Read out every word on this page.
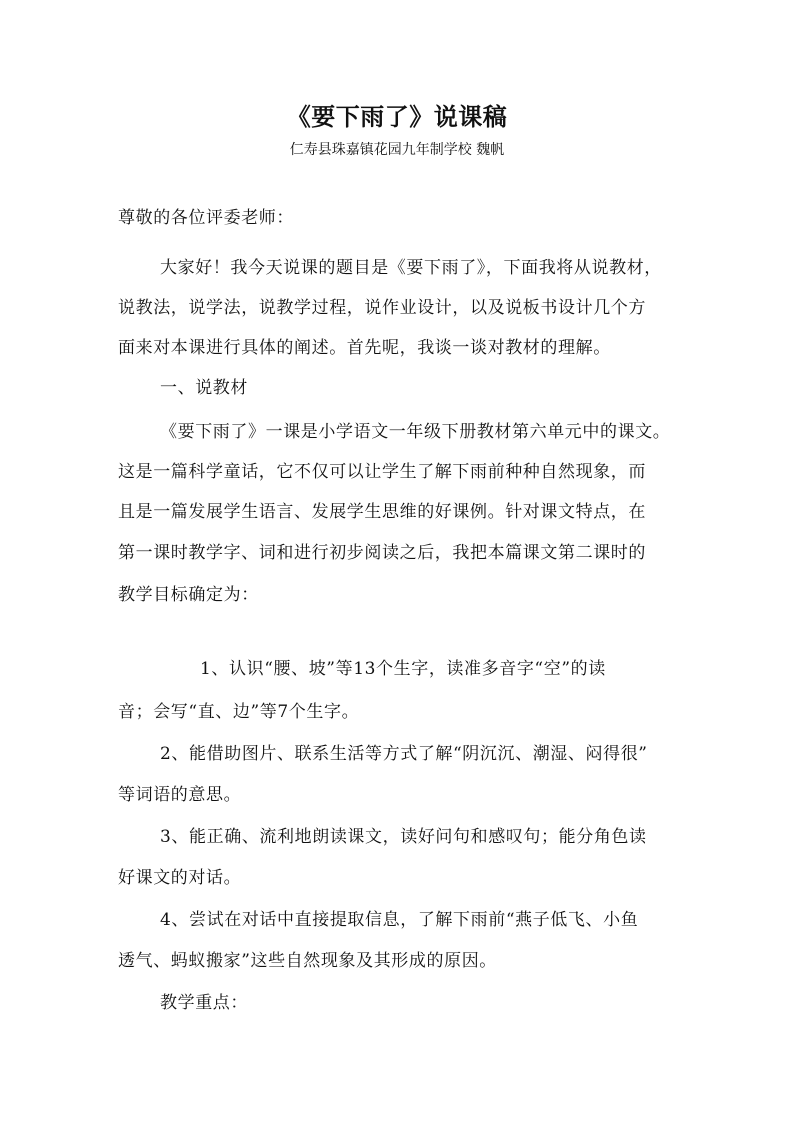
《要下雨了》说课稿
仁寿县珠嘉镇花园九年制学校 魏帆
尊敬的各位评委老师：
大家好！我今天说课的题目是《要下雨了》，下面我将从说教材，
说教法，说学法，说教学过程，说作业设计，以及说板书设计几个方
面来对本课进行具体的阐述。首先呢，我谈一谈对教材的理解。
一、说教材
《要下雨了》一课是小学语文一年级下册教材第六单元中的课文。
这是一篇科学童话，它不仅可以让学生了解下雨前种种自然现象，而
且是一篇发展学生语言、发展学生思维的好课例。针对课文特点，在
第一课时教学字、词和进行初步阅读之后，我把本篇课文第二课时的
教学目标确定为：
1、认识“腰、坡”等13个生字，读准多音字“空”的读
音；会写“直、边”等7个生字。
2、能借助图片、联系生活等方式了解“阴沉沉、潮湿、闷得很”
等词语的意思。
3、能正确、流利地朗读课文，读好问句和感叹句；能分角色读
好课文的对话。
4、尝试在对话中直接提取信息，了解下雨前“燕子低飞、小鱼
透气、蚂蚁搬家”这些自然现象及其形成的原因。
教学重点：
